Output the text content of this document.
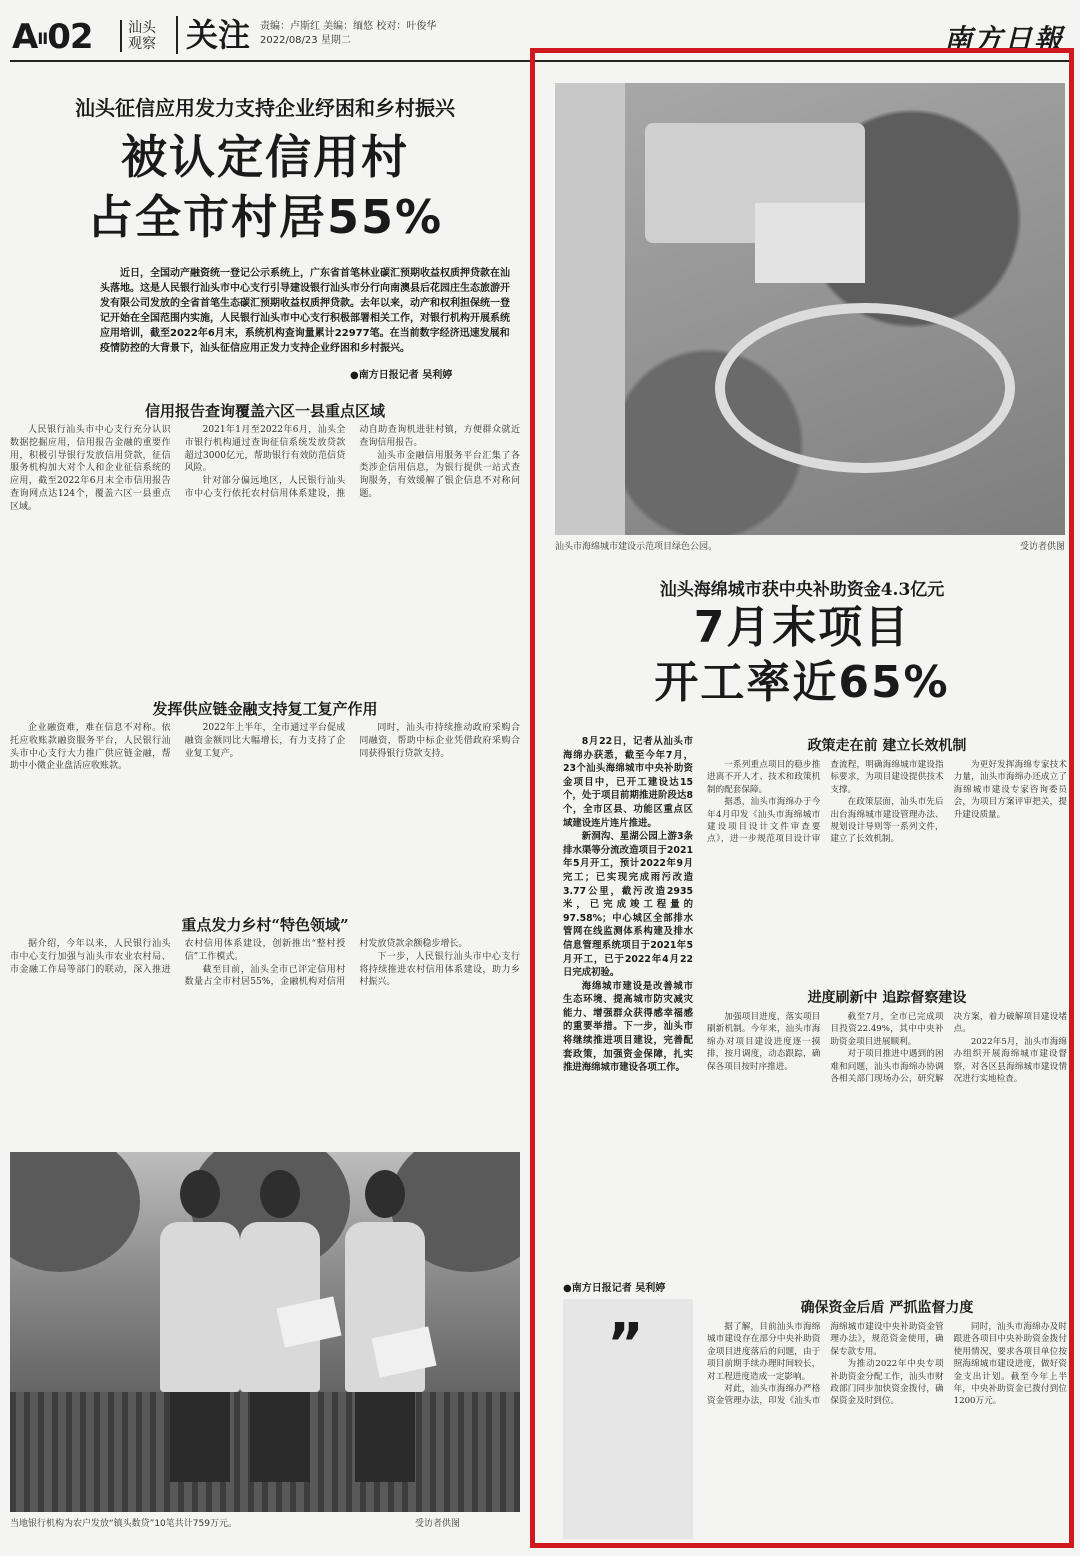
AII02	汕头观察 关注 责编：卢斯红 美编：缅悠 校对：叶俊华
2022/08/23 星期二	南方日報
汕头征信应用发力支持企业纾困和乡村振兴
被认定信用村
占全市村居55%

近日，全国动产融资统一登记公示系统上，广东省首笔林业碳汇预期收益权质押贷款在汕头落地。这是人民银行汕头市中心支行引导建设银行汕头市分行向南澳县后花园庄生态旅游开发有限公司发放的全省首笔生态碳汇预期收益权质押贷款。去年以来，动产和权利担保统一登记开始在全国范围内实施，人民银行汕头市中心支行积极部署相关工作，对银行机构开展系统应用培训，截至2022年6月末，系统机构查询量累计22977笔。在当前数字经济迅速发展和疫情防控的大背景下，汕头征信应用正发力支持企业纾困和乡村振兴。

●南方日报记者 吴利婷
信用报告查询覆盖六区一县重点区域

人民银行汕头市中心支行充分认识数据挖掘应用，信用报告金融的重要作用，积极引导银行发放信用贷款，征信服务机构加大对个人和企业征信系统的应用，截至2022年6月末全市信用报告查询网点达124个，覆盖六区一县重点区域。

2021年1月至2022年6月，汕头全市银行机构通过查询征信系统发放贷款超过3000亿元，帮助银行有效防范信贷风险。

针对部分偏远地区，人民银行汕头市中心支行依托农村信用体系建设，推动自助查询机进驻村镇，方便群众就近查询信用报告。

汕头市金融信用服务平台汇集了各类涉企信用信息，为银行提供一站式查询服务，有效缓解了银企信息不对称问题。

发挥供应链金融支持复工复产作用

企业融资难，难在信息不对称。依托应收账款融资服务平台，人民银行汕头市中心支行大力推广供应链金融，帮助中小微企业盘活应收账款。

2022年上半年，全市通过平台促成融资金额同比大幅增长，有力支持了企业复工复产。

同时，汕头市持续推动政府采购合同融资，帮助中标企业凭借政府采购合同获得银行贷款支持。

重点发力乡村“特色领域”

据介绍，今年以来，人民银行汕头市中心支行加强与汕头市农业农村局、市金融工作局等部门的联动，深入推进农村信用体系建设，创新推出“整村授信”工作模式。

截至目前，汕头全市已评定信用村数量占全市村居55%，金融机构对信用村发放贷款余额稳步增长。

下一步，人民银行汕头市中心支行将持续推进农村信用体系建设，助力乡村振兴。

当地银行机构为农户发放“镇头数贷”10笔共计759万元。	受访者供图
汕头市海绵城市建设示范项目绿色公园。	受访者供图
汕头海绵城市获中央补助资金4.3亿元
7月末项目
开工率近65%

8月22日，记者从汕头市海绵办获悉，截至今年7月，23个汕头海绵城市中央补助资金项目中，已开工建设达15个，处于项目前期推进阶段达8个，全市区县、功能区重点区域建设连片连片推进。

新洞沟、星湖公园上游3条排水渠等分流改造项目于2021年5月开工，预计2022年9月完工；已实现完成雨污改造3.77公里，截污改造2935米，已完成竣工程量的97.58%；中心城区全部排水管网在线监测体系构建及排水信息管理系统项目于2021年5月开工，已于2022年4月22日完成初验。

海绵城市建设是改善城市生态环境、提高城市防灾减灾能力、增强群众获得感幸福感的重要举措。下一步，汕头市将继续推进项目建设，完善配套政策，加强资金保障，扎实推进海绵城市建设各项工作。

●南方日报记者 吴利婷
”
政策走在前 建立长效机制

一系列重点项目的稳步推进离不开人才、技术和政策机制的配套保障。

据悉，汕头市海绵办于今年4月印发《汕头市海绵城市建设项目设计文件审查要点》，进一步规范项目设计审查流程，明确海绵城市建设指标要求，为项目建设提供技术支撑。

在政策层面，汕头市先后出台海绵城市建设管理办法、规划设计导则等一系列文件，建立了长效机制。

为更好发挥海绵专家技术力量，汕头市海绵办还成立了海绵城市建设专家咨询委员会，为项目方案评审把关，提升建设质量。

进度刷新中 追踪督察建设

加强项目进度，落实项目刷新机制。今年来，汕头市海绵办对项目建设进度逐一摸排，按月调度，动态跟踪，确保各项目按时序推进。

截至7月，全市已完成项目投资22.49%，其中中央补助资金项目进展顺利。

对于项目推进中遇到的困难和问题，汕头市海绵办协调各相关部门现场办公，研究解决方案，着力破解项目建设堵点。

2022年5月，汕头市海绵办组织开展海绵城市建设督察，对各区县海绵城市建设情况进行实地检查。

确保资金后盾 严抓监督力度

据了解，目前汕头市海绵城市建设存在部分中央补助资金项目进度落后的问题，由于项目前期手续办理时间较长，对工程进度造成一定影响。

对此，汕头市海绵办严格资金管理办法，印发《汕头市海绵城市建设中央补助资金管理办法》，规范资金使用，确保专款专用。

为推动2022年中央专项补助资金分配工作，汕头市财政部门同步加快资金拨付，确保资金及时到位。

同时，汕头市海绵办及时跟进各项目中央补助资金拨付使用情况，要求各项目单位按照海绵城市建设进度，做好资金支出计划。截至今年上半年，中央补助资金已拨付到位1200万元。
